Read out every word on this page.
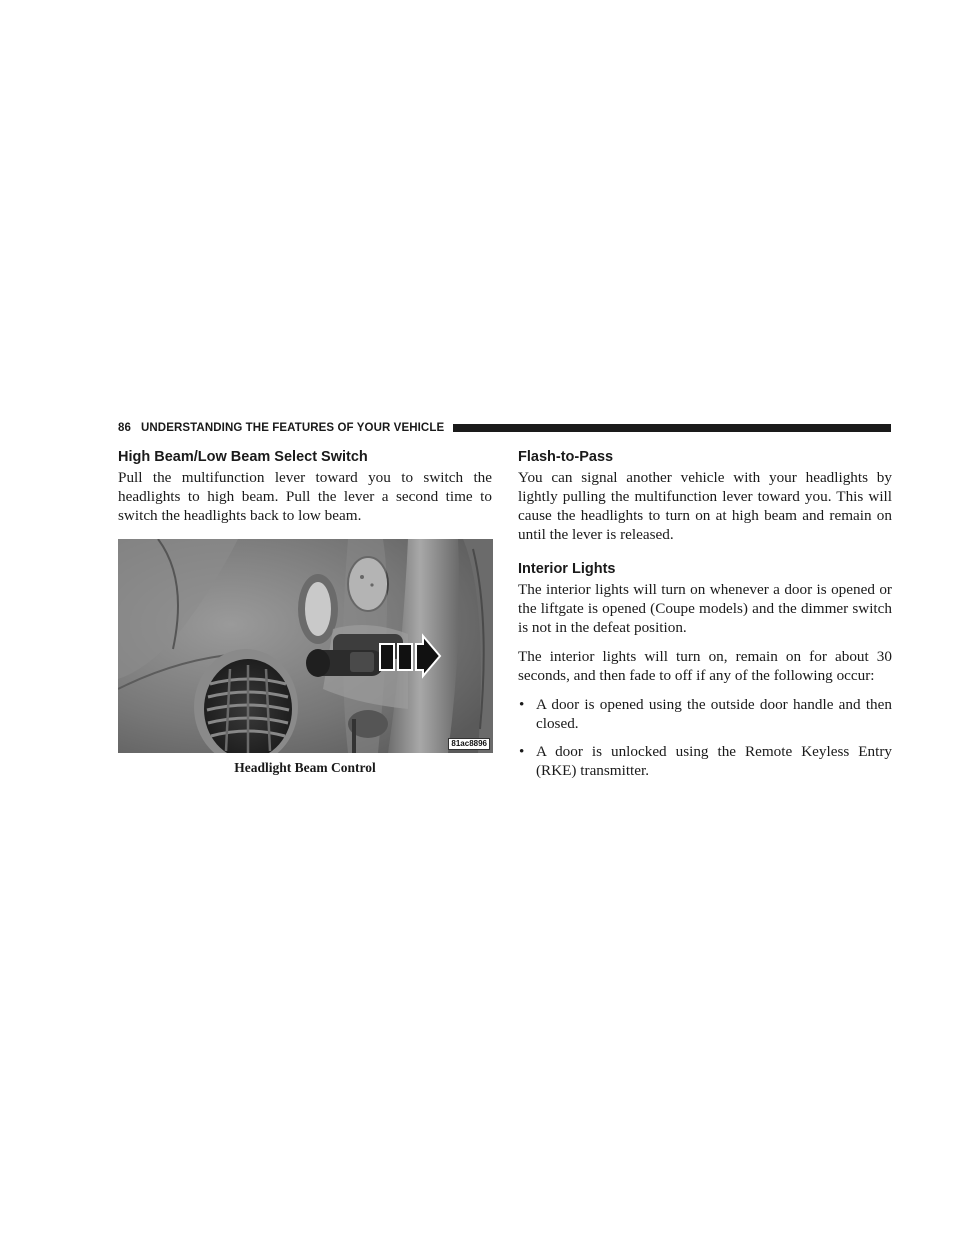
86 UNDERSTANDING THE FEATURES OF YOUR VEHICLE
High Beam/Low Beam Select Switch

Pull the multifunction lever toward you to switch the headlights to high beam. Pull the lever a second time to switch the headlights back to low beam.

81ac8896
Headlight Beam Control
Flash-to-Pass

You can signal another vehicle with your headlights by lightly pulling the multifunction lever toward you. This will cause the headlights to turn on at high beam and remain on until the lever is released.

Interior Lights

The interior lights will turn on whenever a door is opened or the liftgate is opened (Coupe models) and the dimmer switch is not in the defeat position.

The interior lights will turn on, remain on for about 30 seconds, and then fade to off if any of the following occur:

• A door is opened using the outside door handle and then closed.
• A door is unlocked using the Remote Keyless Entry (RKE) transmitter.
